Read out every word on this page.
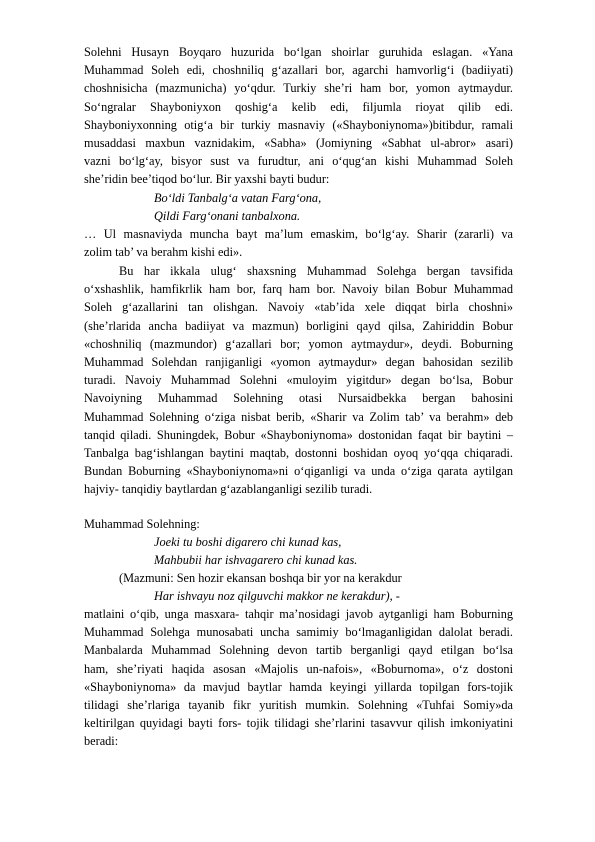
Solehni Husayn Boyqaro huzurida bo‘lgan shoirlar guruhida eslagan. «Yana
Muhammad Soleh edi, choshniliq g‘azallari bor, agarchi hamvorlig‘i (badiiyati)
choshnisicha (mazmunicha) yo‘qdur. Turkiy she’ri ham bor, yomon aytmaydur.
So‘ngralar Shayboniyxon qoshig‘a kelib edi, filjumla rioyat qilib edi.
Shayboniyxonning otig‘a bir turkiy masnaviy («Shayboniynoma»)bitibdur, ramali
musaddasi maxbun vaznidakim, «Sabha» (Jomiyning «Sabhat ul-abror» asari)
vazni bo‘lg‘ay, bisyor sust va furudtur, ani o‘qug‘an kishi Muhammad Soleh
she’ridin bee’tiqod bo‘lur. Bir yaxshi bayti budur:
Bo‘ldi Tanbalg‘a vatan Farg‘ona,
Qildi Farg‘onani tanbalxona.
… Ul masnaviyda muncha bayt ma’lum emaskim, bo‘lg‘ay. Sharir (zararli) va
zolim tab’ va berahm kishi edi».
Bu har ikkala ulug‘ shaxsning Muhammad Solehga bergan tavsifida
o‘xshashlik, hamfikrlik ham bor, farq ham bor. Navoiy bilan Bobur Muhammad
Soleh g‘azallarini tan olishgan. Navoiy «tab’ida xele diqqat birla choshni»
(she’rlarida ancha badiiyat va mazmun) borligini qayd qilsa, Zahiriddin Bobur
«choshniliq (mazmundor) g‘azallari bor; yomon aytmaydur», deydi. Boburning
Muhammad Solehdan ranjiganligi «yomon aytmaydur» degan bahosidan sezilib
turadi. Navoiy Muhammad Solehni «muloyim yigitdur» degan bo‘lsa, Bobur
Navoiyning Muhammad Solehning otasi Nursaidbekka bergan bahosini
Muhammad Solehning o‘ziga nisbat berib, «Sharir va Zolim tab’ va berahm» deb
tanqid qiladi. Shuningdek, Bobur «Shayboniynoma» dostonidan faqat bir baytini –
Tanbalga bag‘ishlangan baytini maqtab, dostonni boshidan oyoq yo‘qqa chiqaradi.
Bundan Boburning «Shayboniynoma»ni o‘qiganligi va unda o‘ziga qarata aytilgan
hajviy- tanqidiy baytlardan g‘azablanganligi sezilib turadi.
Muhammad Solehning:
Joeki tu boshi digarero chi kunad kas,
Mahbubii har ishvagarero chi kunad kas.
(Mazmuni: Sen hozir ekansan boshqa bir yor na kerakdur
Har ishvayu noz qilguvchi makkor ne kerakdur), -
matlaini o‘qib, unga masxara- tahqir ma’nosidagi javob aytganligi ham Boburning
Muhammad Solehga munosabati uncha samimiy bo‘lmaganligidan dalolat beradi.
Manbalarda Muhammad Solehning devon tartib berganligi qayd etilgan bo‘lsa
ham, she’riyati haqida asosan «Majolis un-nafois», «Boburnoma», o‘z dostoni
«Shayboniynoma» da mavjud baytlar hamda keyingi yillarda topilgan fors-tojik
tilidagi she’rlariga tayanib fikr yuritish mumkin. Solehning «Tuhfai Somiy»da
keltirilgan quyidagi bayti fors- tojik tilidagi she’rlarini tasavvur qilish imkoniyatini
beradi:
